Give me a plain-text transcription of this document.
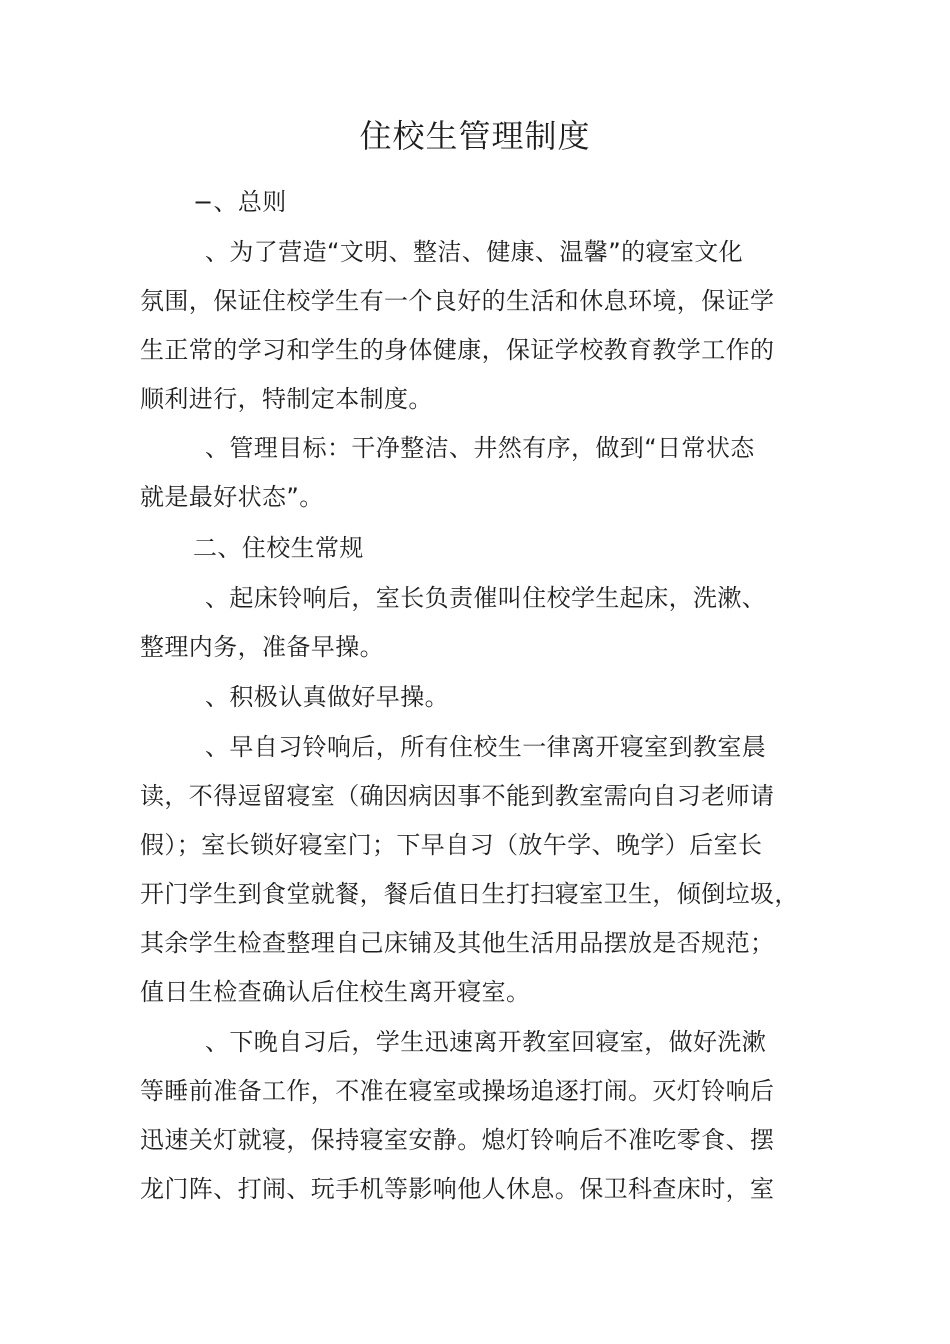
住校生管理制度
−、总则
、为了营造“文明、整洁、健康、温馨”的寝室文化
氛围，保证住校学生有一个良好的生活和休息环境，保证学
生正常的学习和学生的身体健康，保证学校教育教学工作的
顺利进行，特制定本制度。
、管理目标：干净整洁、井然有序，做到“日常状态
就是最好状态”。
二、住校生常规
、起床铃响后，室长负责催叫住校学生起床，洗漱、
整理内务，准备早操。
、积极认真做好早操。
、早自习铃响后，所有住校生一律离开寝室到教室晨
读，不得逗留寝室（确因病因事不能到教室需向自习老师请
假）；室长锁好寝室门；下早自习（放午学、晚学）后室长
开门学生到食堂就餐，餐后值日生打扫寝室卫生，倾倒垃圾，
其余学生检查整理自己床铺及其他生活用品摆放是否规范；
值日生检查确认后住校生离开寝室。
、下晚自习后，学生迅速离开教室回寝室，做好洗漱
等睡前准备工作，不准在寝室或操场追逐打闹。灭灯铃响后
迅速关灯就寝，保持寝室安静。熄灯铃响后不准吃零食、摆
龙门阵、打闹、玩手机等影响他人休息。保卫科查床时，室
